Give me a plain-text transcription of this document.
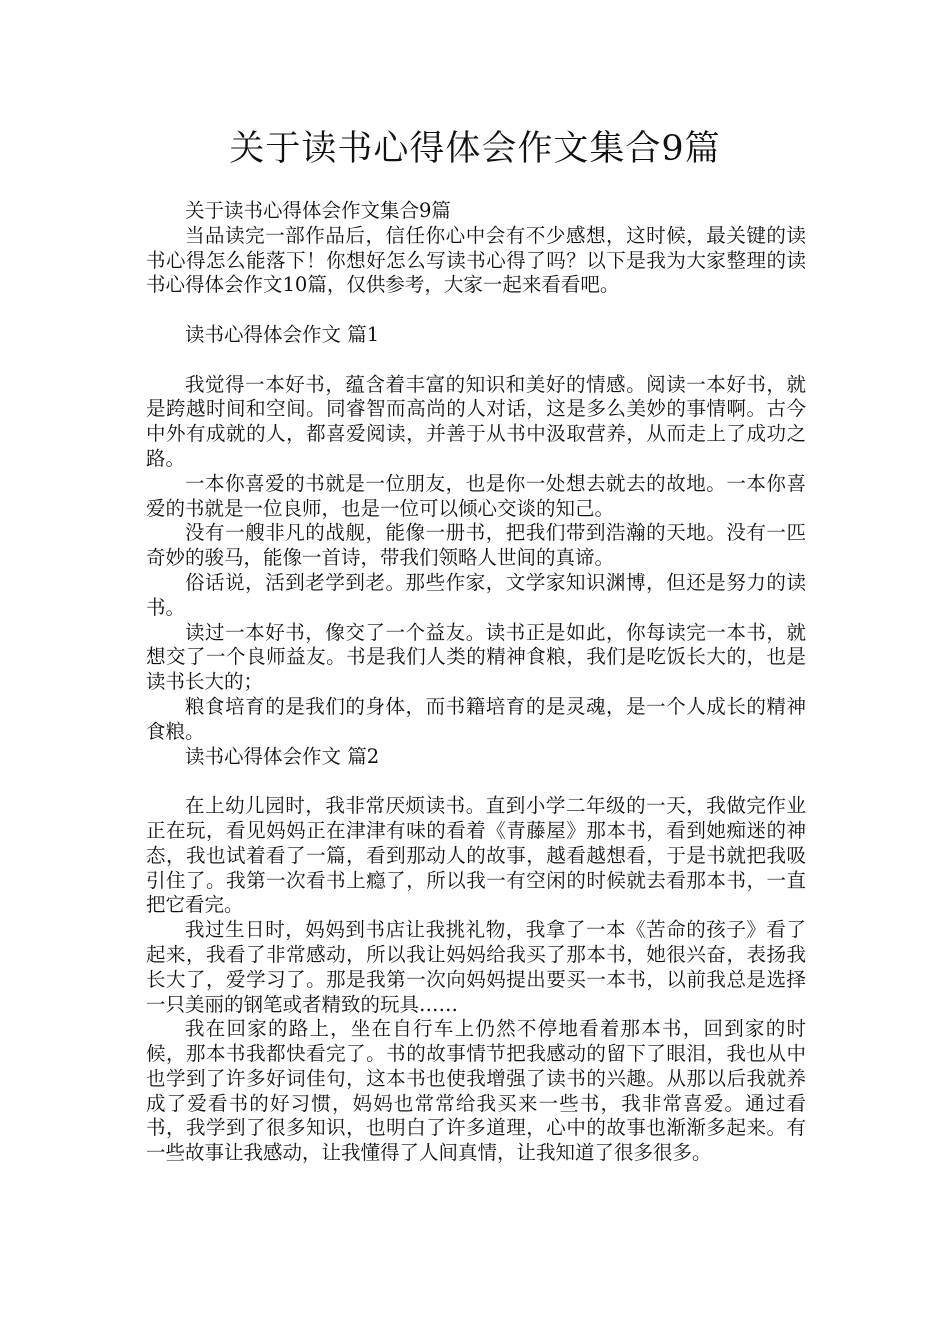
关于读书心得体会作文集合9篇

关于读书心得体会作文集合9篇

当品读完一部作品后，信任你心中会有不少感想，这时候，最关键的读书心得怎么能落下！你想好怎么写读书心得了吗？以下是我为大家整理的读书心得体会作文10篇，仅供参考，大家一起来看看吧。

读书心得体会作文 篇1

我觉得一本好书，蕴含着丰富的知识和美好的情感。阅读一本好书，就是跨越时间和空间。同睿智而高尚的人对话，这是多么美妙的事情啊。古今中外有成就的人，都喜爱阅读，并善于从书中汲取营养，从而走上了成功之路。

一本你喜爱的书就是一位朋友，也是你一处想去就去的故地。一本你喜爱的书就是一位良师，也是一位可以倾心交谈的知己。

没有一艘非凡的战舰，能像一册书，把我们带到浩瀚的天地。没有一匹奇妙的骏马，能像一首诗，带我们领略人世间的真谛。

俗话说，活到老学到老。那些作家，文学家知识渊博，但还是努力的读书。

读过一本好书，像交了一个益友。读书正是如此，你每读完一本书，就想交了一个良师益友。书是我们人类的精神食粮，我们是吃饭长大的，也是读书长大的；

粮食培育的是我们的身体，而书籍培育的是灵魂，是一个人成长的精神食粮。

读书心得体会作文 篇2

在上幼儿园时，我非常厌烦读书。直到小学二年级的一天，我做完作业正在玩，看见妈妈正在津津有味的看着《青藤屋》那本书，看到她痴迷的神态，我也试着看了一篇，看到那动人的故事，越看越想看，于是书就把我吸引住了。我第一次看书上瘾了，所以我一有空闲的时候就去看那本书，一直把它看完。

我过生日时，妈妈到书店让我挑礼物，我拿了一本《苦命的孩子》看了起来，我看了非常感动，所以我让妈妈给我买了那本书，她很兴奋，表扬我长大了，爱学习了。那是我第一次向妈妈提出要买一本书，以前我总是选择一只美丽的钢笔或者精致的玩具……

我在回家的路上，坐在自行车上仍然不停地看着那本书，回到家的时候，那本书我都快看完了。书的故事情节把我感动的留下了眼泪，我也从中也学到了许多好词佳句，这本书也使我增强了读书的兴趣。从那以后我就养成了爱看书的好习惯，妈妈也常常给我买来一些书，我非常喜爱。通过看书，我学到了很多知识，也明白了许多道理，心中的故事也渐渐多起来。有一些故事让我感动，让我懂得了人间真情，让我知道了很多很多。
